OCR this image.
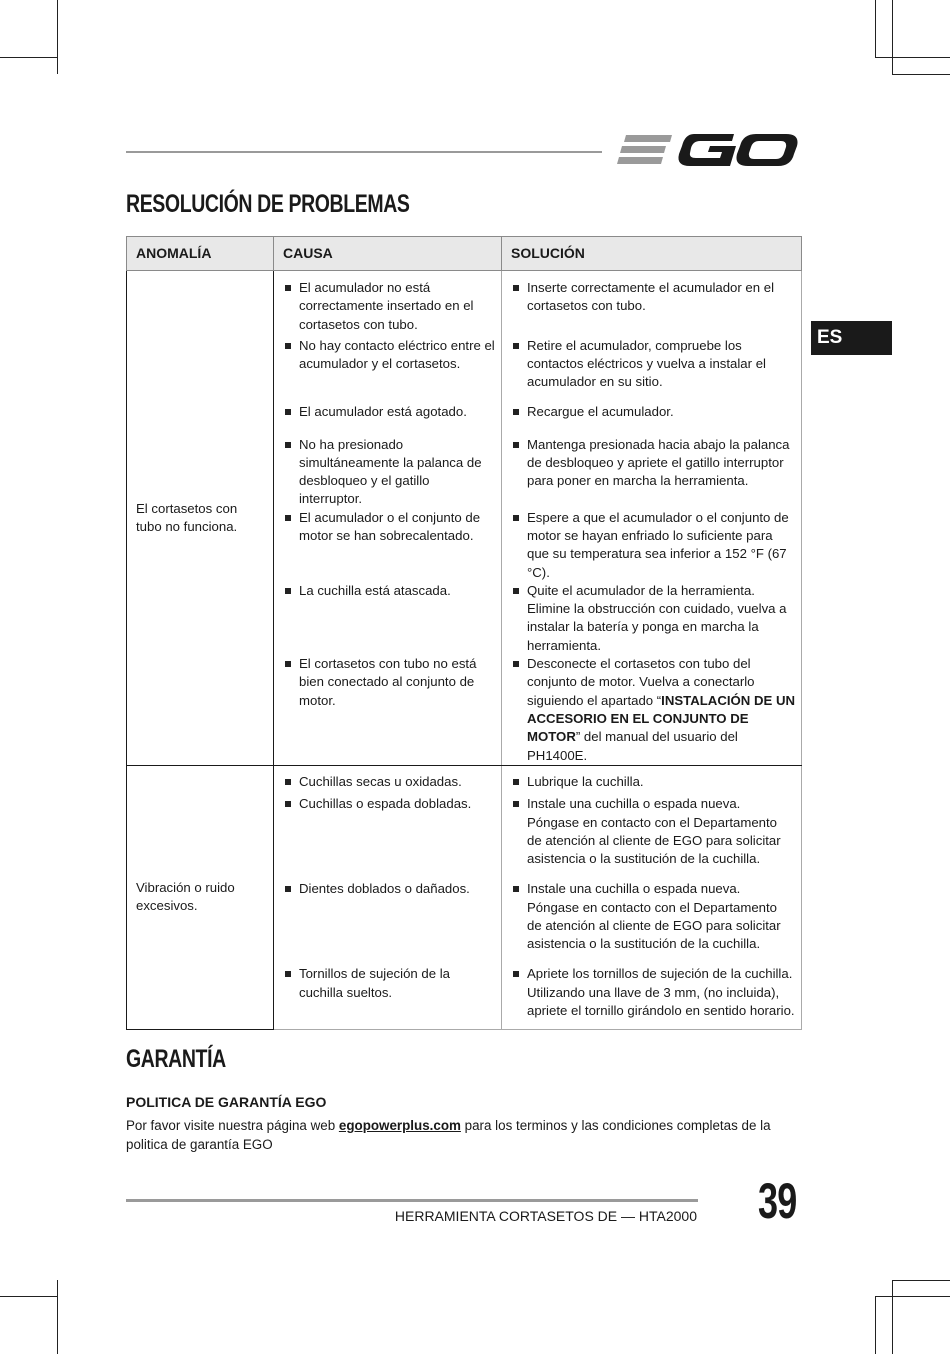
RESOLUCIÓN DE PROBLEMAS
ES
ANOMALÍA	CAUSA	SOLUCIÓN
El cortasetos con tubo no funciona.	El acumulador no está correctamente insertado en el cortasetos con tubo.	Inserte correctamente el acumulador en el cortasetos con tubo.

	No hay contacto eléctrico entre el acumulador y el cortasetos.	Retire el acumulador, compruebe los contactos eléctricos y vuelva a instalar el acumulador en su sitio.

	El acumulador está agotado.	Recargue el acumulador.

	No ha presionado simultáneamente la palanca de desbloqueo y el gatillo interruptor.	Mantenga presionada hacia abajo la palanca de desbloqueo y apriete el gatillo interruptor para poner en marcha la herramienta.

	El acumulador o el conjunto de motor se han sobrecalentado.	Espere a que el acumulador o el conjunto de motor se hayan enfriado lo suficiente para que su temperatura sea inferior a 152 °F (67 °C).

	La cuchilla está atascada.	Quite el acumulador de la herramienta. Elimine la obstrucción con cuidado, vuelva a instalar la batería y ponga en marcha la herramienta.

	El cortasetos con tubo no está bien conectado al conjunto de motor.	Desconecte el cortasetos con tubo del conjunto de motor. Vuelva a conectarlo siguiendo el apartado “INSTALACIÓN DE UN ACCESORIO EN EL CONJUNTO DE MOTOR” del manual del usuario del PH1400E.

Vibración o ruido excesivos.	Cuchillas secas u oxidadas.	Lubrique la cuchilla.

	Cuchillas o espada dobladas.	Instale una cuchilla o espada nueva. Póngase en contacto con el Departamento de atención al cliente de EGO para solicitar asistencia o la sustitución de la cuchilla.

	Dientes doblados o dañados.	Instale una cuchilla o espada nueva. Póngase en contacto con el Departamento de atención al cliente de EGO para solicitar asistencia o la sustitución de la cuchilla.

	Tornillos de sujeción de la cuchilla sueltos.	Apriete los tornillos de sujeción de la cuchilla. Utilizando una llave de 3 mm, (no incluida), apriete el tornillo girándolo en sentido horario.
GARANTÍA
POLITICA DE GARANTÍA EGO
Por favor visite nuestra página web egopowerplus.com para los terminos y las condiciones completas de la politica de garantía EGO
HERRAMIENTA CORTASETOS DE — HTA2000 39
